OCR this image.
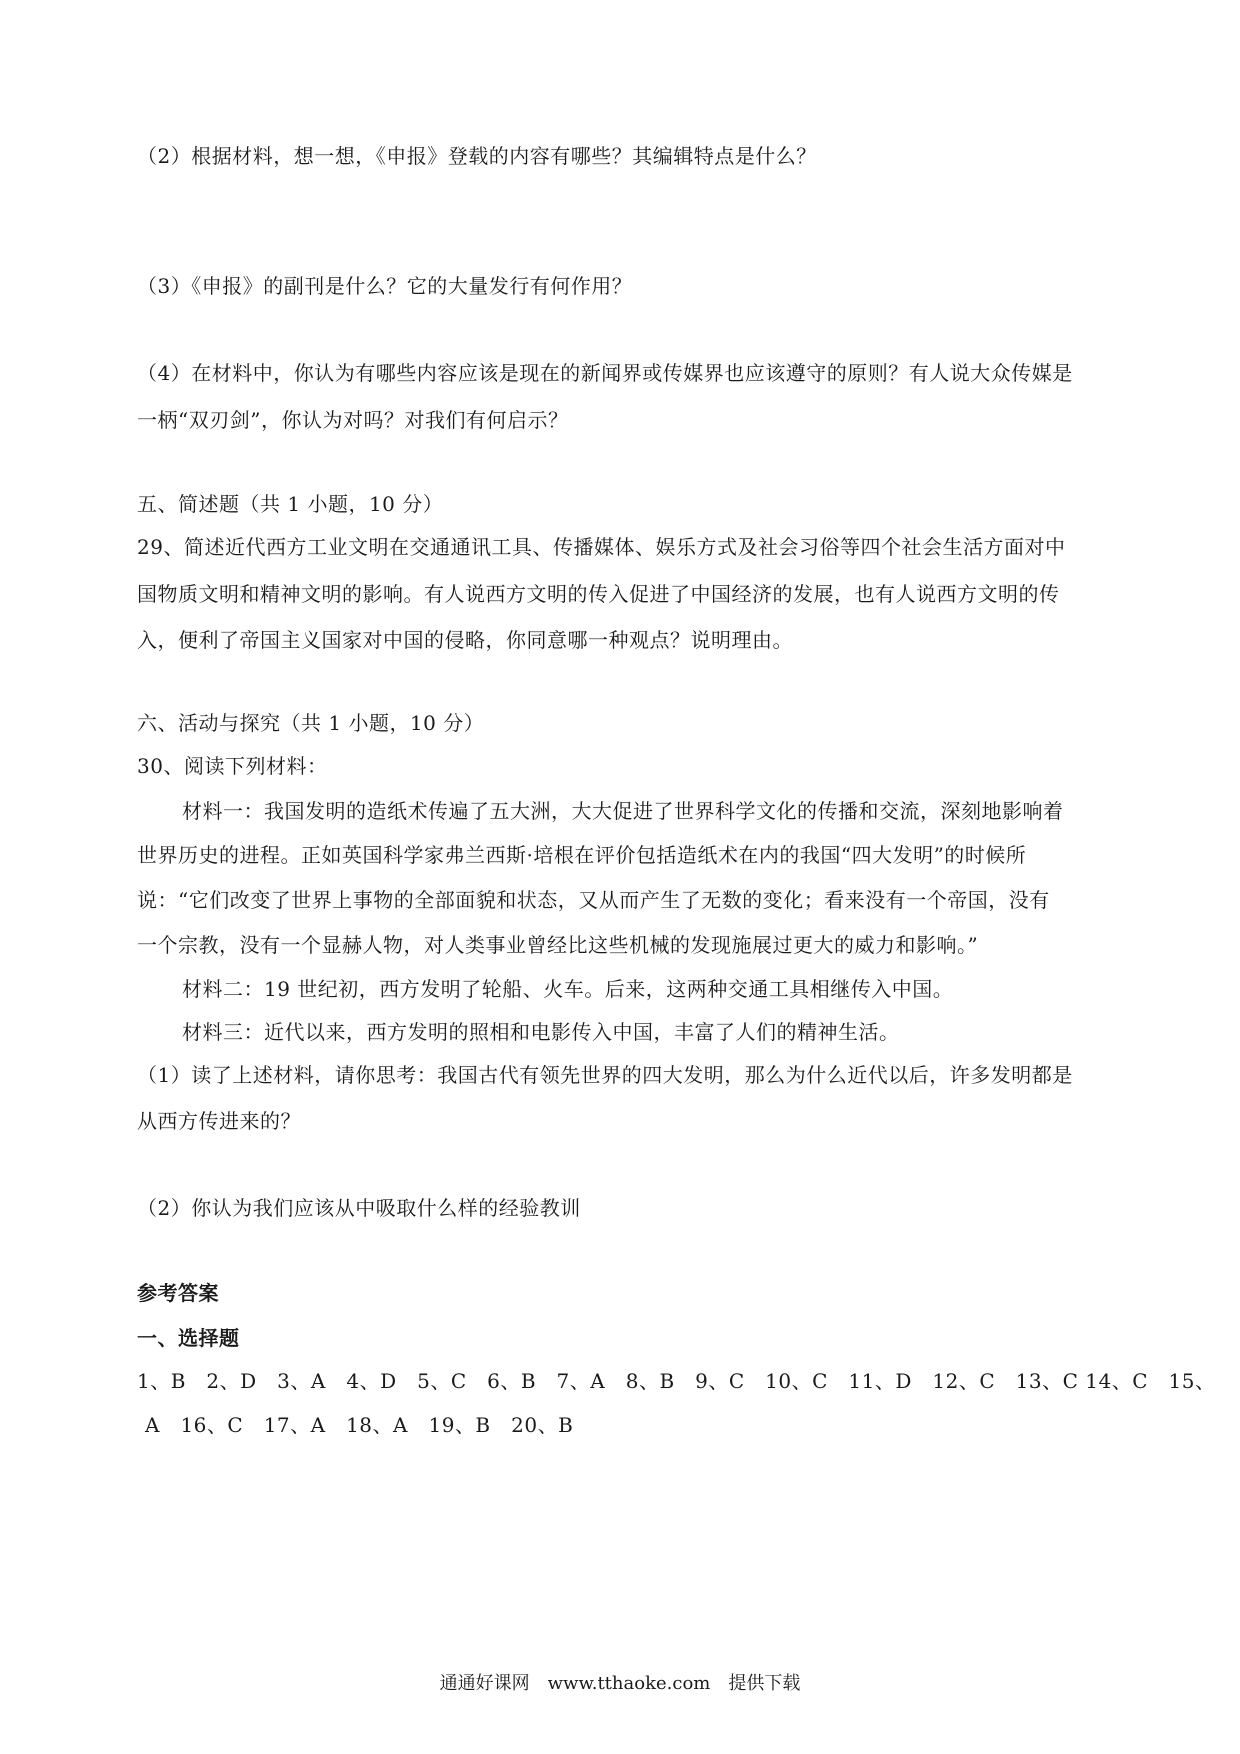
（2）根据材料，想一想，《申报》登载的内容有哪些？其编辑特点是什么？
（3）《申报》的副刊是什么？它的大量发行有何作用？
（4）在材料中，你认为有哪些内容应该是现在的新闻界或传媒界也应该遵守的原则？有人说大众传媒是
一柄“双刃剑”，你认为对吗？对我们有何启示？
五、简述题（共 1 小题，10 分）
29、简述近代西方工业文明在交通通讯工具、传播媒体、娱乐方式及社会习俗等四个社会生活方面对中
国物质文明和精神文明的影响。有人说西方文明的传入促进了中国经济的发展，也有人说西方文明的传
入，便利了帝国主义国家对中国的侵略，你同意哪一种观点？说明理由。
六、活动与探究（共 1 小题，10 分）
30、阅读下列材料：
材料一：我国发明的造纸术传遍了五大洲，大大促进了世界科学文化的传播和交流，深刻地影响着
世界历史的进程。正如英国科学家弗兰西斯·培根在评价包括造纸术在内的我国“四大发明”的时候所
说：“它们改变了世界上事物的全部面貌和状态，又从而产生了无数的变化；看来没有一个帝国，没有
一个宗教，没有一个显赫人物，对人类事业曾经比这些机械的发现施展过更大的威力和影响。”
材料二：19 世纪初，西方发明了轮船、火车。后来，这两种交通工具相继传入中国。
材料三：近代以来，西方发明的照相和电影传入中国，丰富了人们的精神生活。
（1）读了上述材料，请你思考：我国古代有领先世界的四大发明，那么为什么近代以后，许多发明都是
从西方传进来的？
（2）你认为我们应该从中吸取什么样的经验教训
参考答案
一、选择题
1、B　2、D　3、A　4、D　5、C　6、B　7、A　8、B　9、C　10、C　11、D　12、C　13、C 14、C　15、
A　16、C　17、A　18、A　19、B　20、B
通通好课网　www.tthaoke.com　提供下载
